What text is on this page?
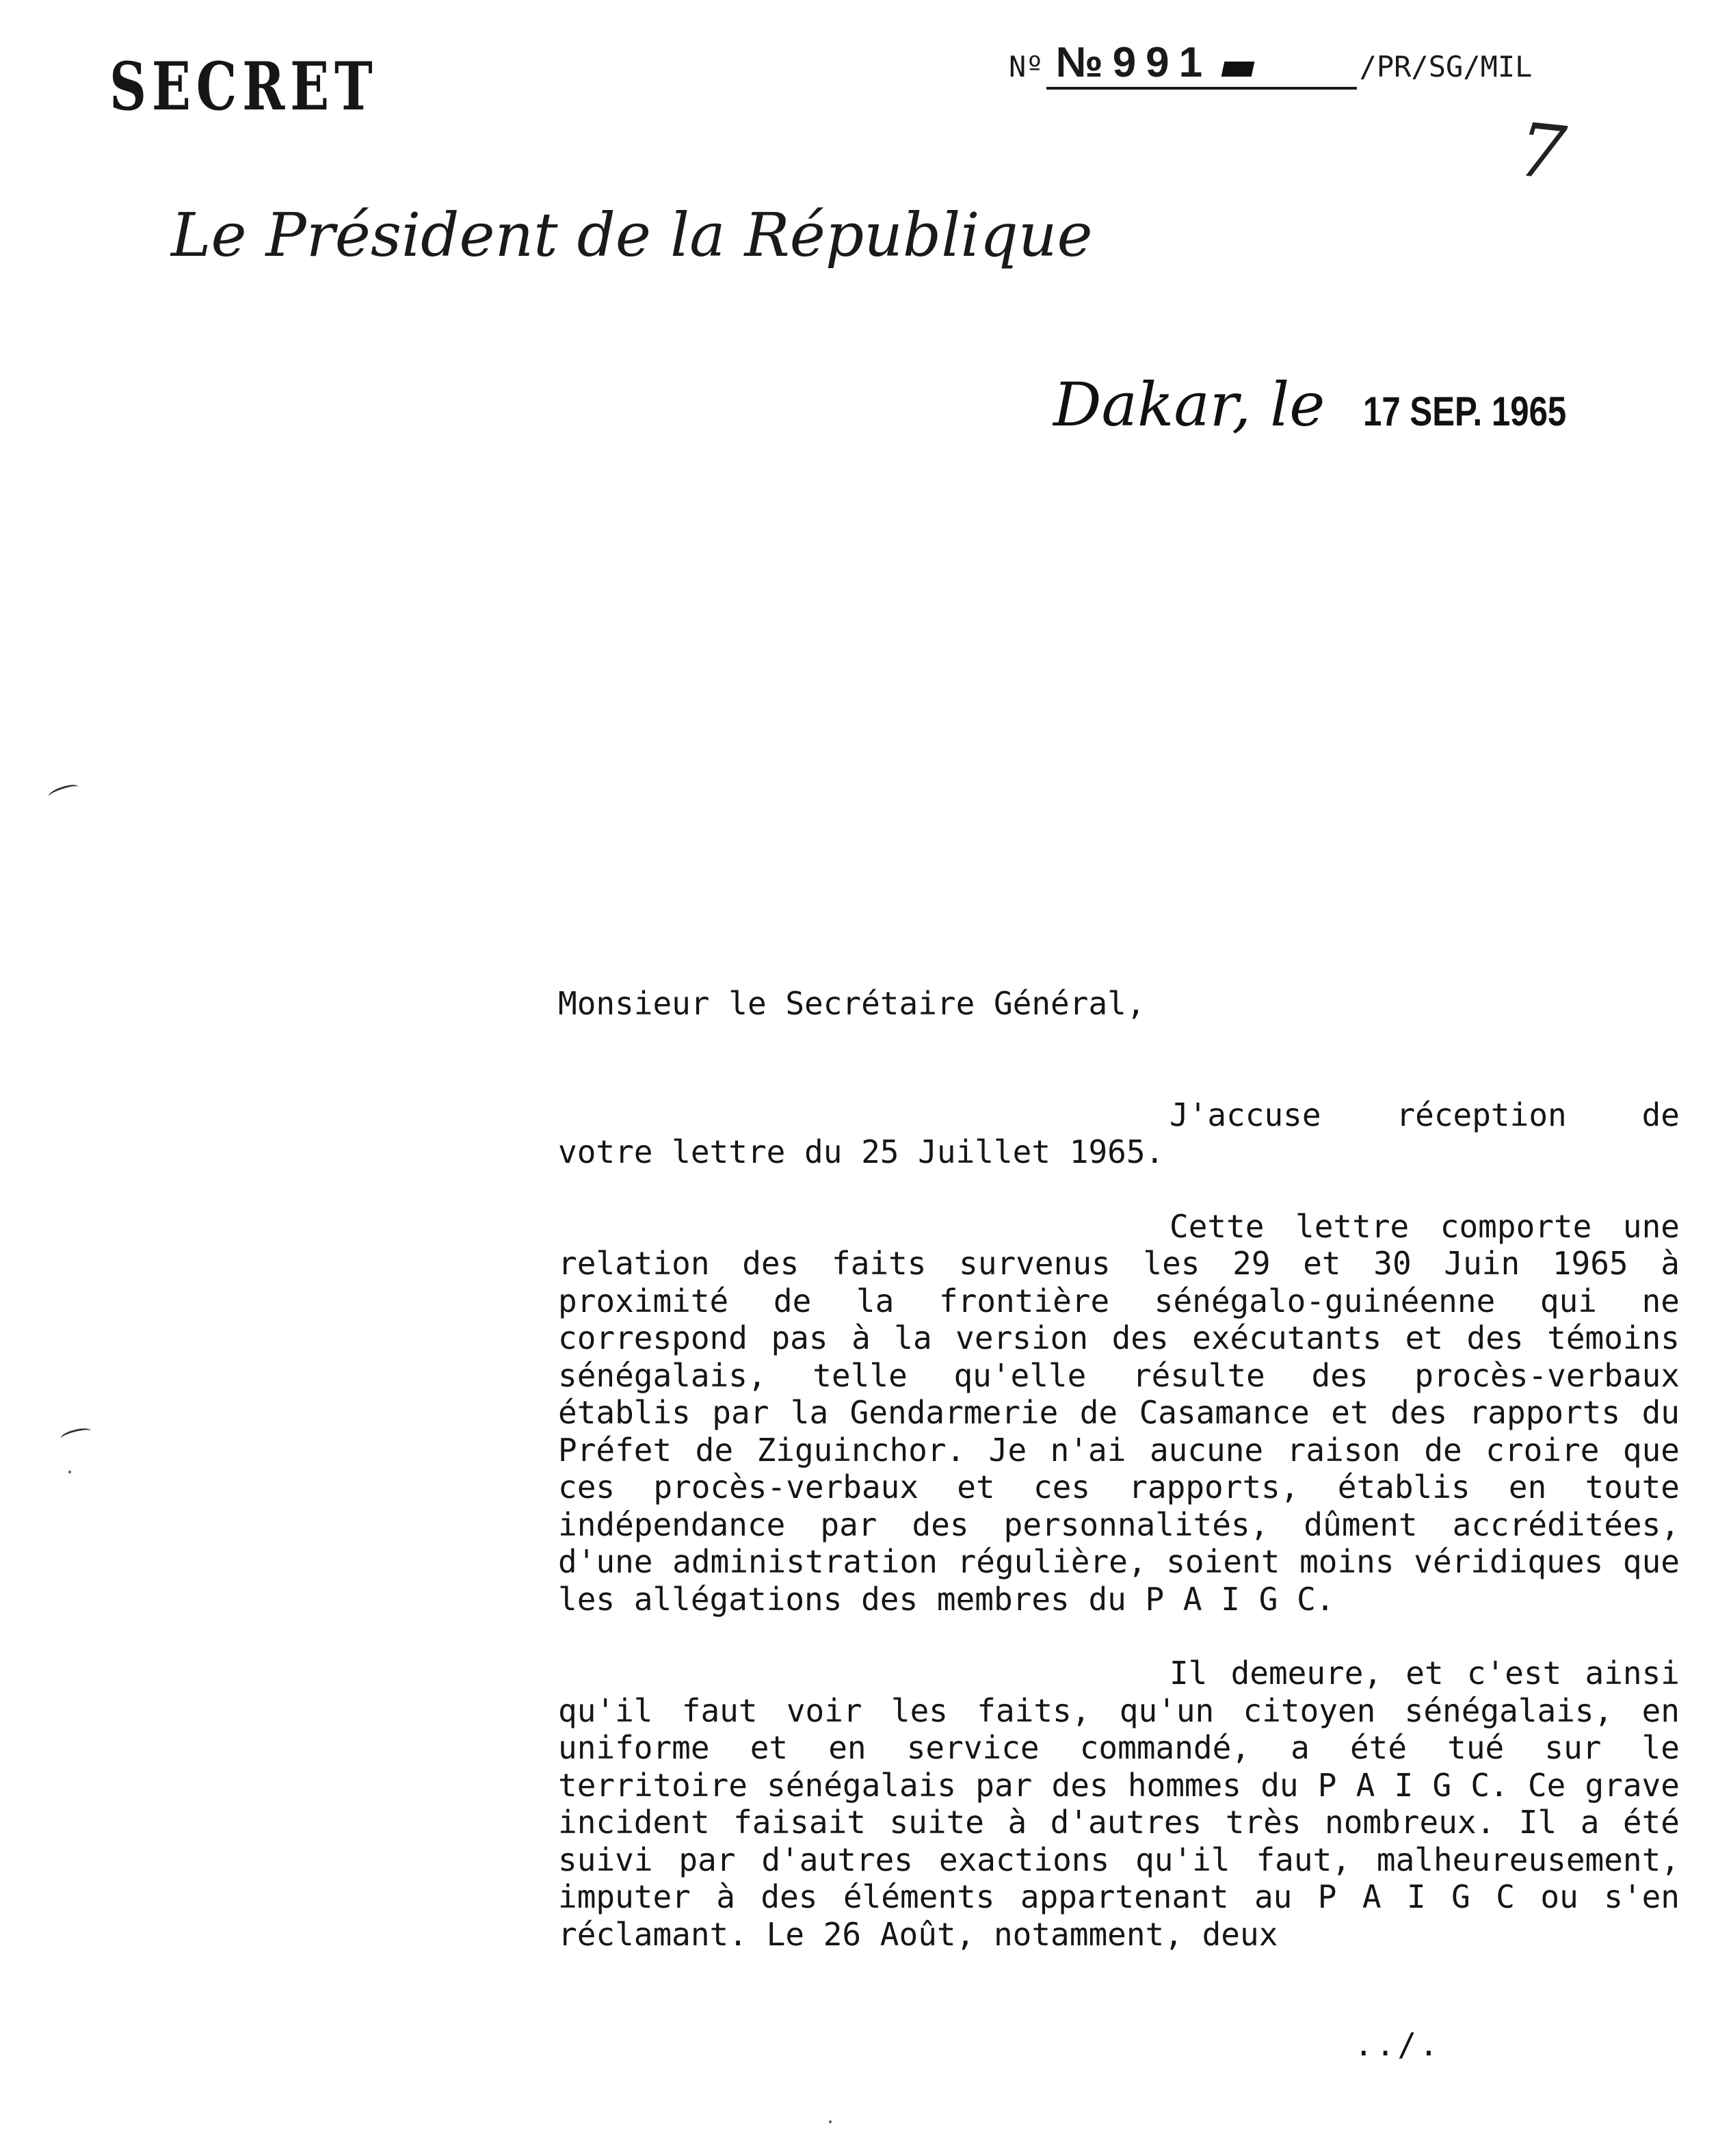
SECRET	Nº №991	/PR/SG/MIL
7
Le Président de la République
Dakar, le 17 SEP. 1965

Monsieur le Secrétaire Général,

J'accuse réception de votre lettre du 25 Juillet 1965.

Cette lettre comporte une relation des faits survenus les 29 et 30 Juin 1965 à proximité de la frontière sénégalo-guinéenne qui ne correspond pas à la version des exécutants et des témoins sénégalais, telle qu'elle résulte des procès-verbaux établis par la Gendarmerie de Casamance et des rapports du Préfet de Ziguinchor. Je n'ai aucune raison de croire que ces procès-verbaux et ces rapports, établis en toute indépendance par des personnalités, dûment accréditées, d'une administration régulière, soient moins véridiques que les allégations des membres du P A I G C.

Il demeure, et c'est ainsi qu'il faut voir les faits, qu'un citoyen sénégalais, en uniforme et en service commandé, a été tué sur le territoire sénégalais par des hommes du P A I G C. Ce grave incident faisait suite à d'autres très nombreux. Il a été suivi par d'autres exactions qu'il faut, malheureusement, imputer à des éléments appartenant au P A I G C ou s'en réclamant. Le 26 Août, notamment, deux

../.
